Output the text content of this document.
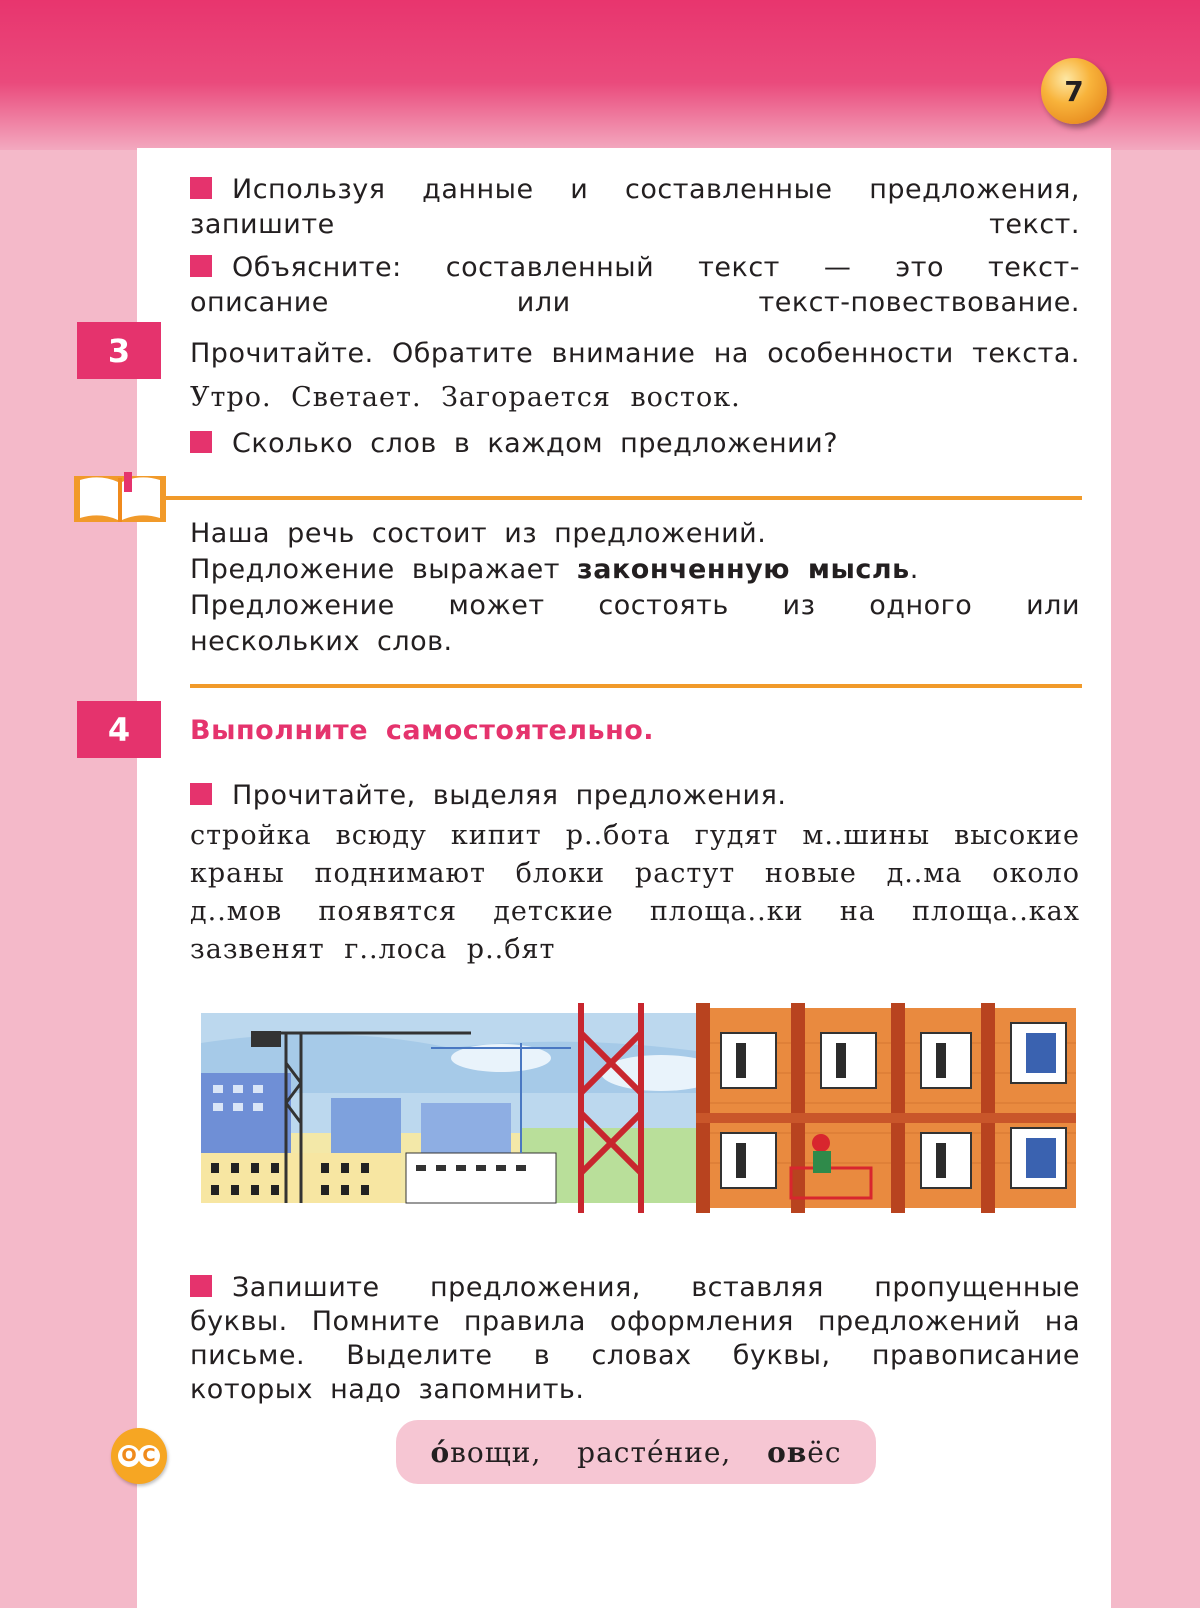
7

Используя данные и составленные предложения, запишите текст.

Объясните: составленный текст — это текст-описание или текст-повествование.

3	Прочитайте. Обратите внимание на особенности текста.

Утро. Светает. Загорается восток.

Сколько слов в каждом предложении?

Наша речь состоит из предложений.

Предложение выражает законченную мысль.

Предложение может состоять из одного или нескольких слов.

4	Выполните самостоятельно.

Прочитайте, выделяя предложения.

стройка всюду кипит р..бота гудят м..шины высокие краны поднимают блоки растут новые д..ма около д..мов появятся детские площа..ки на площа..ках зазвенят г..лоса р..бят

Запишите предложения, вставляя пропущенные буквы. Помните правила оформления предложений на письме. Выделите в словах буквы, правописание которых надо запомнить.

О С	о́вощи,
расте́ние,
овёс
